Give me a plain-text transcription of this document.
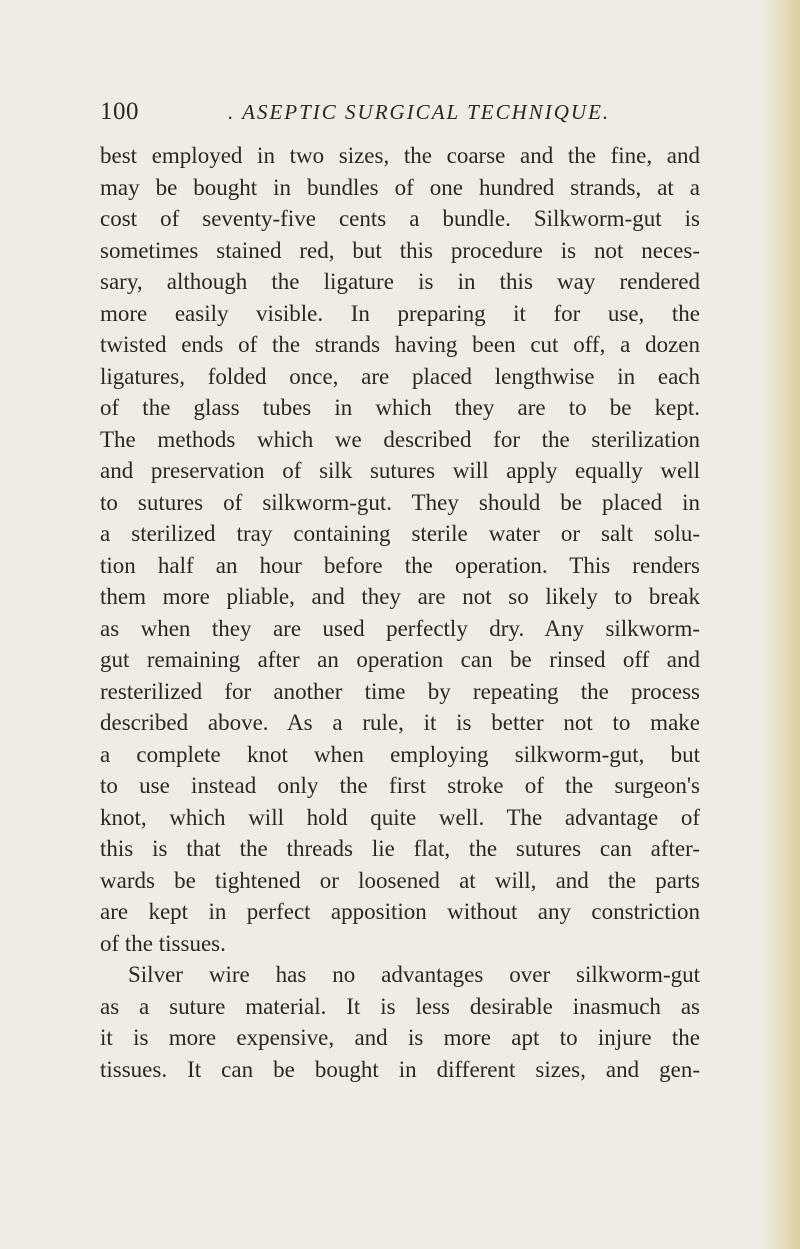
100	. ASEPTIC SURGICAL TECHNIQUE.
best employed in two sizes, the coarse and the fine, and
may be bought in bundles of one hundred strands, at a
cost of seventy-five cents a bundle. Silkworm-gut is
sometimes stained red, but this procedure is not neces-
sary, although the ligature is in this way rendered
more easily visible. In preparing it for use, the
twisted ends of the strands having been cut off, a dozen
ligatures, folded once, are placed lengthwise in each
of the glass tubes in which they are to be kept.
The methods which we described for the sterilization
and preservation of silk sutures will apply equally well
to sutures of silkworm-gut. They should be placed in
a sterilized tray containing sterile water or salt solu-
tion half an hour before the operation. This renders
them more pliable, and they are not so likely to break
as when they are used perfectly dry. Any silkworm-
gut remaining after an operation can be rinsed off and
resterilized for another time by repeating the process
described above. As a rule, it is better not to make
a complete knot when employing silkworm-gut, but
to use instead only the first stroke of the surgeon's
knot, which will hold quite well. The advantage of
this is that the threads lie flat, the sutures can after-
wards be tightened or loosened at will, and the parts
are kept in perfect apposition without any constriction
of the tissues.
Silver wire has no advantages over silkworm-gut
as a suture material. It is less desirable inasmuch as
it is more expensive, and is more apt to injure the
tissues. It can be bought in different sizes, and gen-
